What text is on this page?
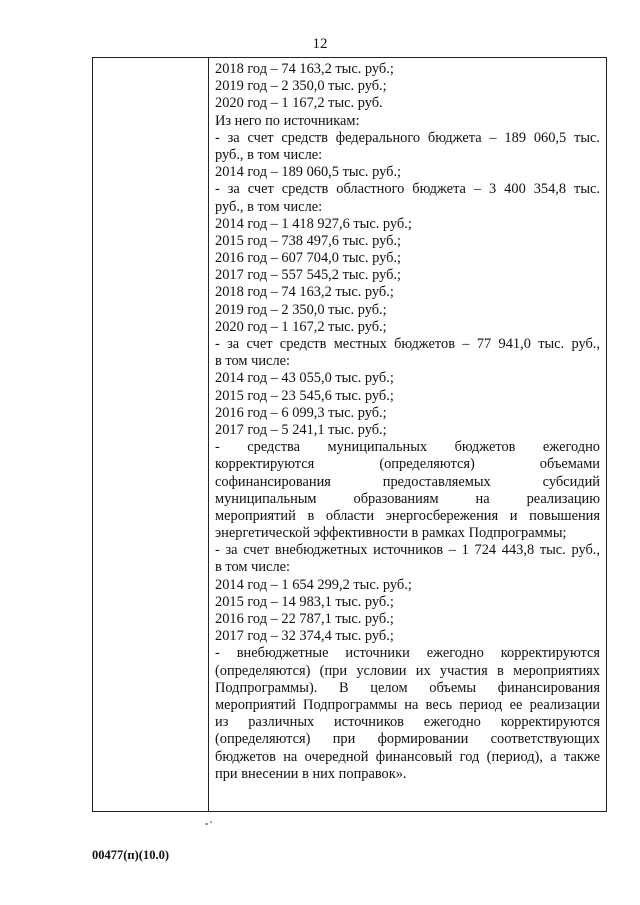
12
2018 год – 74 163,2 тыс. руб.;
2019 год – 2 350,0 тыс. руб.;
2020 год – 1 167,2 тыс. руб.
Из него по источникам:
- за счет средств федерального бюджета – 189 060,5 тыс.
руб., в том числе:
2014 год – 189 060,5 тыс. руб.;
- за счет средств областного бюджета – 3 400 354,8 тыс.
руб., в том числе:
2014 год – 1 418 927,6 тыс. руб.;
2015 год – 738 497,6 тыс. руб.;
2016 год – 607 704,0 тыс. руб.;
2017 год – 557 545,2 тыс. руб.;
2018 год – 74 163,2 тыс. руб.;
2019 год – 2 350,0 тыс. руб.;
2020 год – 1 167,2 тыс. руб.;
- за счет средств местных бюджетов – 77 941,0 тыс. руб.,
в том числе:
2014 год – 43 055,0 тыс. руб.;
2015 год – 23 545,6 тыс. руб.;
2016 год – 6 099,3 тыс. руб.;
2017 год – 5 241,1 тыс. руб.;
- средства муниципальных бюджетов ежегодно
корректируются (определяются) объемами
софинансирования предоставляемых субсидий
муниципальным образованиям на реализацию
мероприятий в области энергосбережения и повышения
энергетической эффективности в рамках Подпрограммы;
- за счет внебюджетных источников – 1 724 443,8 тыс. руб.,
в том числе:
2014 год – 1 654 299,2 тыс. руб.;
2015 год – 14 983,1 тыс. руб.;
2016 год – 22 787,1 тыс. руб.;
2017 год – 32 374,4 тыс. руб.;
- внебюджетные источники ежегодно корректируются
(определяются) (при условии их участия в мероприятиях
Подпрограммы). В целом объемы финансирования
мероприятий Подпрограммы на весь период ее реализации
из различных источников ежегодно корректируются
(определяются) при формировании соответствующих
бюджетов на очередной финансовый год (период), а также
при внесении в них поправок».
00477(п)(10.0)
